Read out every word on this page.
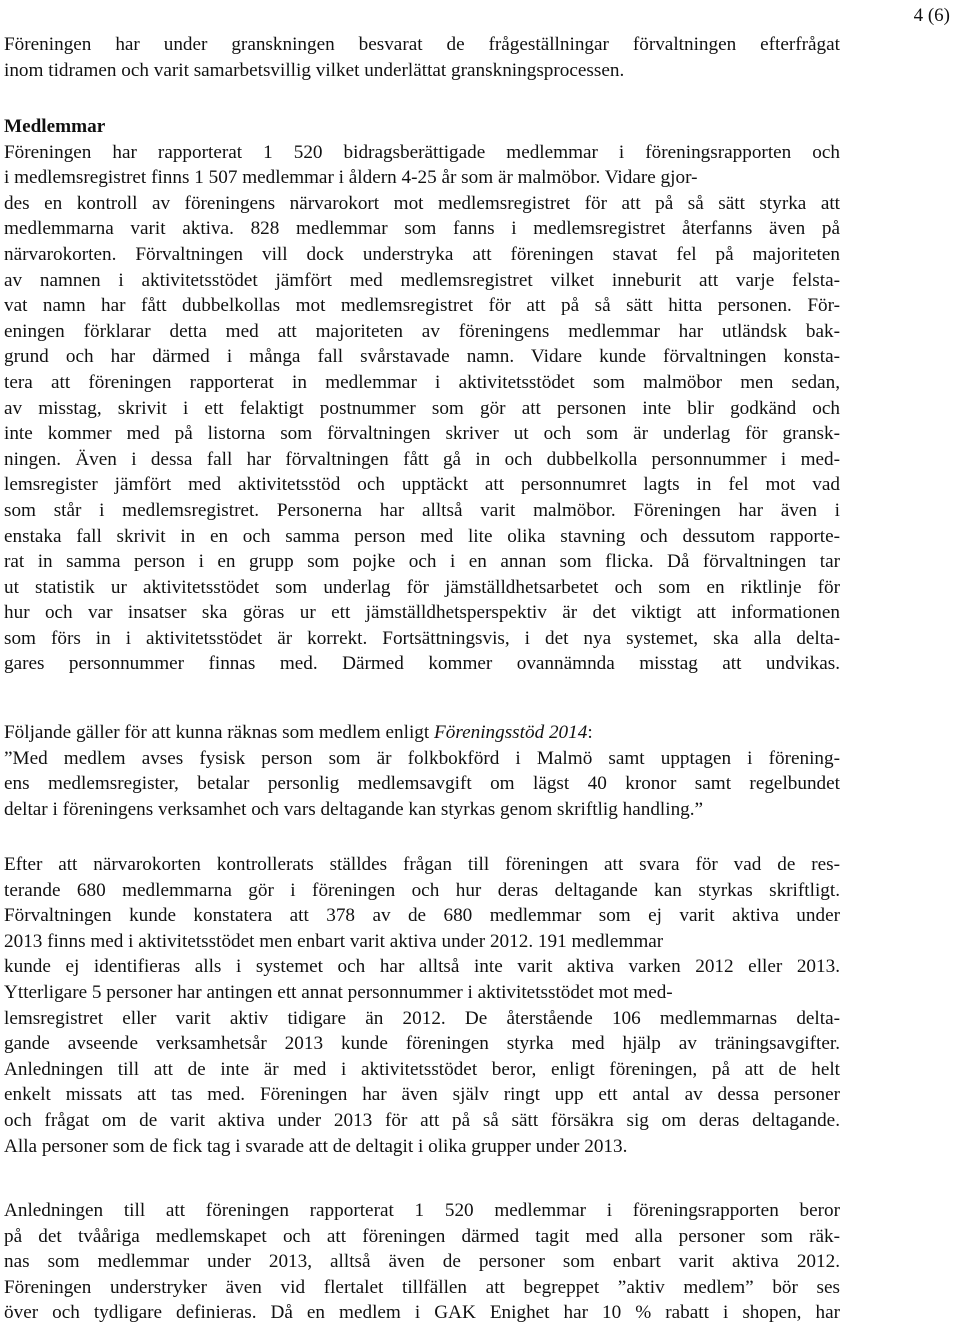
4 (6)
Föreningen har under granskningen besvarat de frågeställningar förvaltningen efterfrågat
inom tidramen och varit samarbetsvillig vilket underlättat granskningsprocessen.
Medlemmar
Föreningen har rapporterat 1 520 bidragsberättigade medlemmar i föreningsrapporten och
i medlemsregistret finns 1 507 medlemmar i åldern 4-25 år som är malmöbor. Vidare gjor-
des en kontroll av föreningens närvarokort mot medlemsregistret för att på så sätt styrka att
medlemmarna varit aktiva. 828 medlemmar som fanns i medlemsregistret återfanns även på
närvarokorten. Förvaltningen vill dock understryka att föreningen stavat fel på majoriteten
av namnen i aktivitetsstödet jämfört med medlemsregistret vilket inneburit att varje felsta-
vat namn har fått dubbelkollas mot medlemsregistret för att på så sätt hitta personen. För-
eningen förklarar detta med att majoriteten av föreningens medlemmar har utländsk bak-
grund och har därmed i många fall svårstavade namn. Vidare kunde förvaltningen konsta-
tera att föreningen rapporterat in medlemmar i aktivitetsstödet som malmöbor men sedan,
av misstag, skrivit i ett felaktigt postnummer som gör att personen inte blir godkänd och
inte kommer med på listorna som förvaltningen skriver ut och som är underlag för gransk-
ningen. Även i dessa fall har förvaltningen fått gå in och dubbelkolla personnummer i med-
lemsregister jämfört med aktivitetsstöd och upptäckt att personnumret lagts in fel mot vad
som står i medlemsregistret. Personerna har alltså varit malmöbor. Föreningen har även i
enstaka fall skrivit in en och samma person med lite olika stavning och dessutom rapporte-
rat in samma person i en grupp som pojke och i en annan som flicka. Då förvaltningen tar
ut statistik ur aktivitetsstödet som underlag för jämställdhetsarbetet och som en riktlinje för
hur och var insatser ska göras ur ett jämställdhetsperspektiv är det viktigt att informationen
som förs in i aktivitetsstödet är korrekt. Fortsättningsvis, i det nya systemet, ska alla delta-
gares personnummer finnas med. Därmed kommer ovannämnda misstag att undvikas.
Följande gäller för att kunna räknas som medlem enligt Föreningsstöd 2014:
”Med medlem avses fysisk person som är folkbokförd i Malmö samt upptagen i förening-
ens medlemsregister, betalar personlig medlemsavgift om lägst 40 kronor samt regelbundet
deltar i föreningens verksamhet och vars deltagande kan styrkas genom skriftlig handling.”
Efter att närvarokorten kontrollerats ställdes frågan till föreningen att svara för vad de res-
terande 680 medlemmarna gör i föreningen och hur deras deltagande kan styrkas skriftligt.
Förvaltningen kunde konstatera att 378 av de 680 medlemmar som ej varit aktiva under
2013 finns med i aktivitetsstödet men enbart varit aktiva under 2012. 191 medlemmar
kunde ej identifieras alls i systemet och har alltså inte varit aktiva varken 2012 eller 2013.
Ytterligare 5 personer har antingen ett annat personnummer i aktivitetsstödet mot med-
lemsregistret eller varit aktiv tidigare än 2012. De återstående 106 medlemmarnas delta-
gande avseende verksamhetsår 2013 kunde föreningen styrka med hjälp av träningsavgifter.
Anledningen till att de inte är med i aktivitetsstödet beror, enligt föreningen, på att de helt
enkelt missats att tas med. Föreningen har även själv ringt upp ett antal av dessa personer
och frågat om de varit aktiva under 2013 för att på så sätt försäkra sig om deras deltagande.
Alla personer som de fick tag i svarade att de deltagit i olika grupper under 2013.
Anledningen till att föreningen rapporterat 1 520 medlemmar i föreningsrapporten beror
på det tvååriga medlemskapet och att föreningen därmed tagit med alla personer som räk-
nas som medlemmar under 2013, alltså även de personer som enbart varit aktiva 2012.
Föreningen understryker även vid flertalet tillfällen att begreppet ”aktiv medlem” bör ses
över och tydligare definieras. Då en medlem i GAK Enighet har 10 % rabatt i shopen, har
